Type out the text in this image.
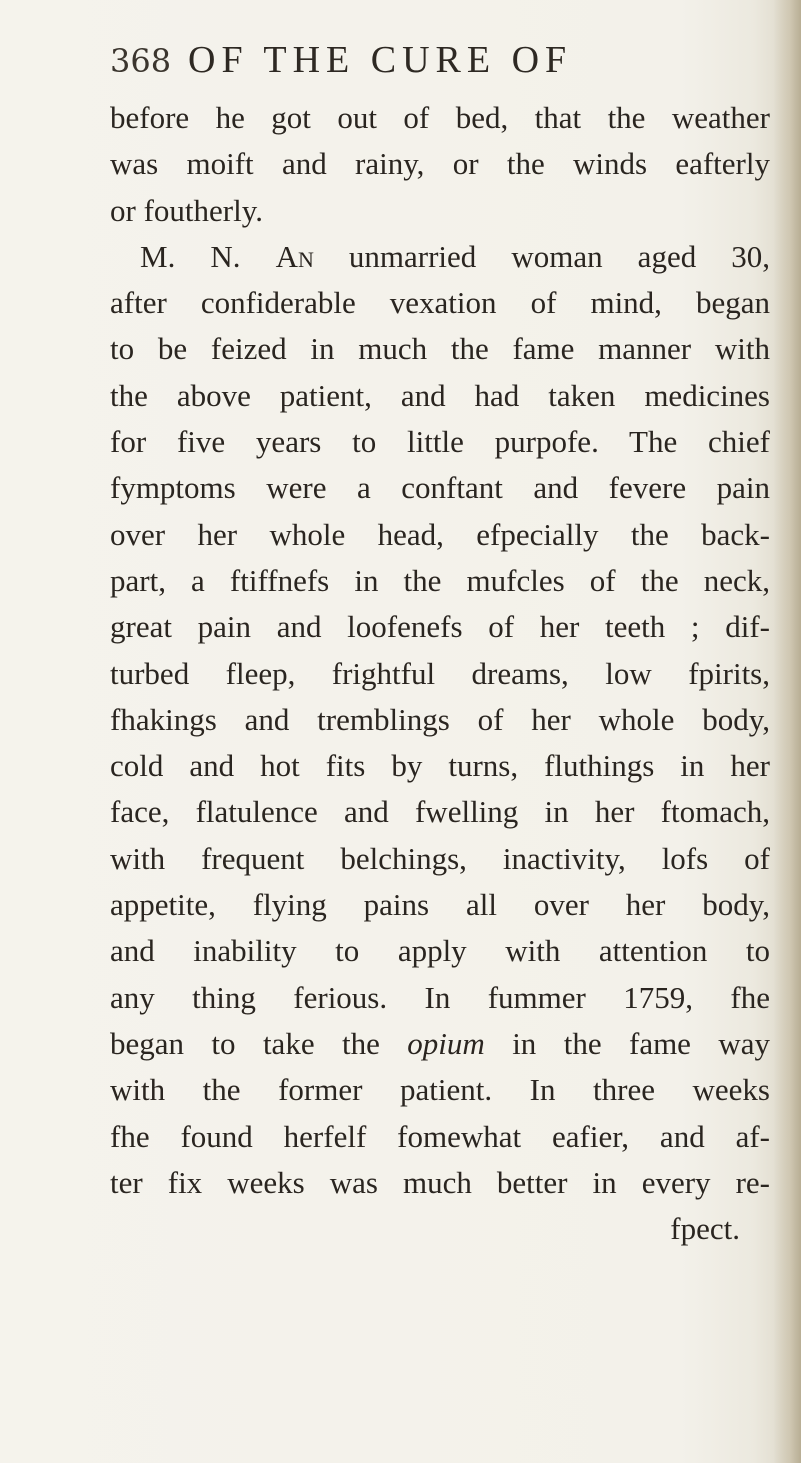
368 OF THE CURE OF
before he got out of bed, that the weather
was moift and rainy, or the winds eafterly
or foutherly.
M. N. An unmarried woman aged 30,
after confiderable vexation of mind, began
to be feized in much the fame manner with
the above patient, and had taken medicines
for five years to little purpofe. The chief
fymptoms were a conftant and fevere pain
over her whole head, efpecially the back-
part, a ftiffnefs in the mufcles of the neck,
great pain and loofenefs of her teeth ; dif-
turbed fleep, frightful dreams, low fpirits,
fhakings and tremblings of her whole body,
cold and hot fits by turns, fluthings in her
face, flatulence and fwelling in her ftomach,
with frequent belchings, inactivity, lofs of
appetite, flying pains all over her body,
and inability to apply with attention to
any thing ferious. In fummer 1759, fhe
began to take the opium in the fame way
with the former patient. In three weeks
fhe found herfelf fomewhat eafier, and af-
ter fix weeks was much better in every re-
fpect.
